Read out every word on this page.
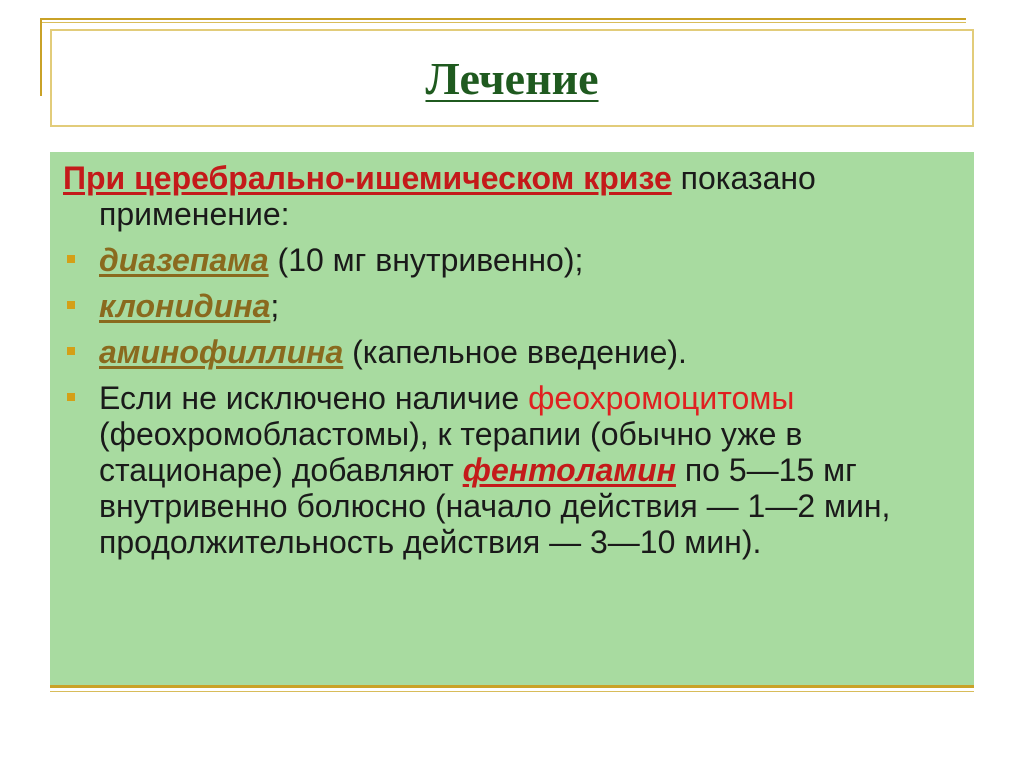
Лечение
При церебрально-ишемическом кризе показано
применение:
диазепама (10 мг внутривенно);
клонидина;
аминофиллина (капельное введение).
Если не исключено наличие феохромоцитомы (феохромобластомы), к терапии (обычно уже в стационаре) добавляют фентоламин по 5—15 мг внутривенно болюсно (начало действия — 1—2 мин, продолжительность действия — 3—10 мин).
